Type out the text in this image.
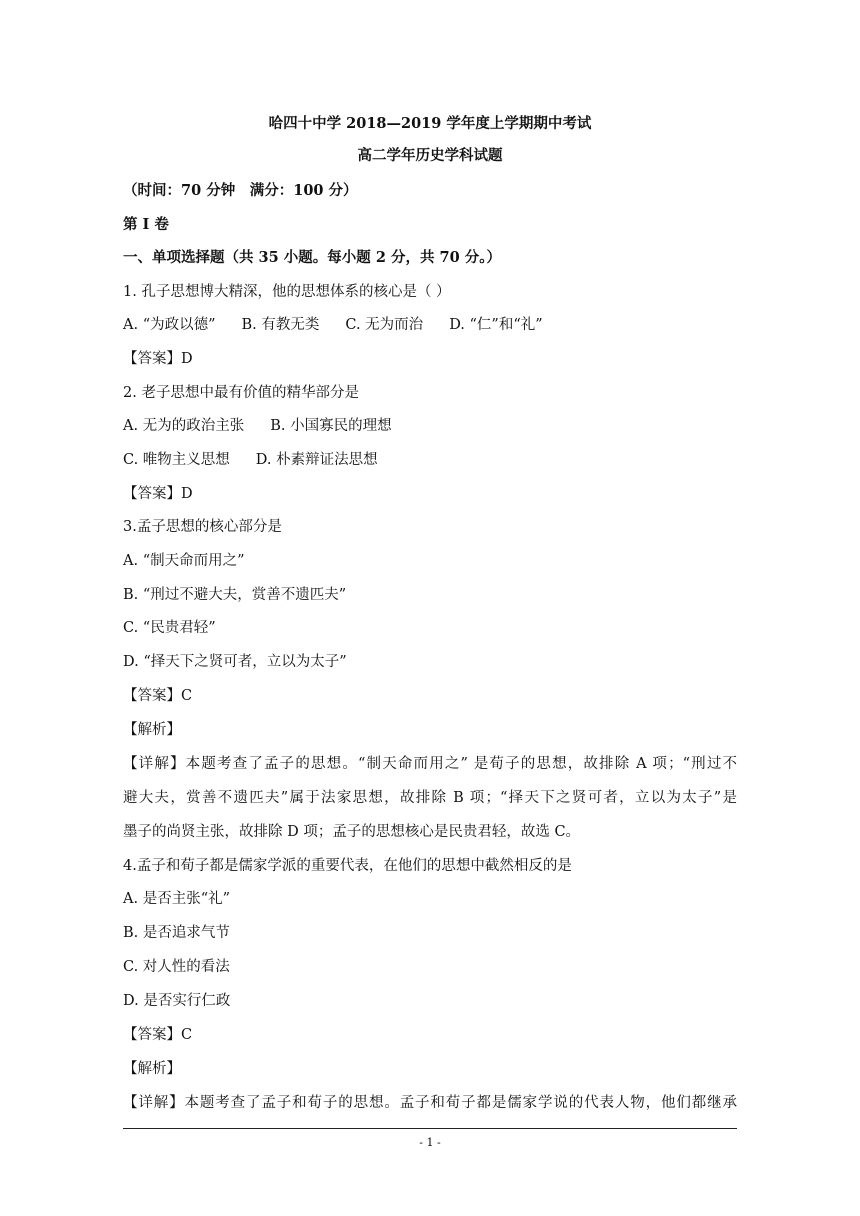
哈四十中学 2018—2019 学年度上学期期中考试
高二学年历史学科试题
（时间：70 分钟　满分：100 分）
第 I 卷
一、单项选择题（共 35 小题。每小题 2 分，共 70 分。）
1. 孔子思想博大精深，他的思想体系的核心是（ ）
A. “为政以德” B. 有教无类 C. 无为而治 D. “仁”和“礼”
【答案】D
2. 老子思想中最有价值的精华部分是
A. 无为的政治主张 B. 小国寡民的理想
C. 唯物主义思想 D. 朴素辩证法思想
【答案】D
3.孟子思想的核心部分是
A. “制天命而用之”
B. “刑过不避大夫，赏善不遗匹夫”
C. “民贵君轻”
D. “择天下之贤可者，立以为太子”
【答案】C
【解析】
【详解】本题考查了孟子的思想。“制天命而用之” 是荀子的思想，故排除 A 项；“刑过不
避大夫，赏善不遗匹夫”属于法家思想，故排除 B 项；“择天下之贤可者，立以为太子”是
墨子的尚贤主张，故排除 D 项；孟子的思想核心是民贵君轻，故选 C。
4.孟子和荀子都是儒家学派的重要代表，在他们的思想中截然相反的是
A. 是否主张“礼”
B. 是否追求气节
C. 对人性的看法
D. 是否实行仁政
【答案】C
【解析】
【详解】本题考查了孟子和荀子的思想。孟子和荀子都是儒家学说的代表人物，他们都继承
- 1 -
